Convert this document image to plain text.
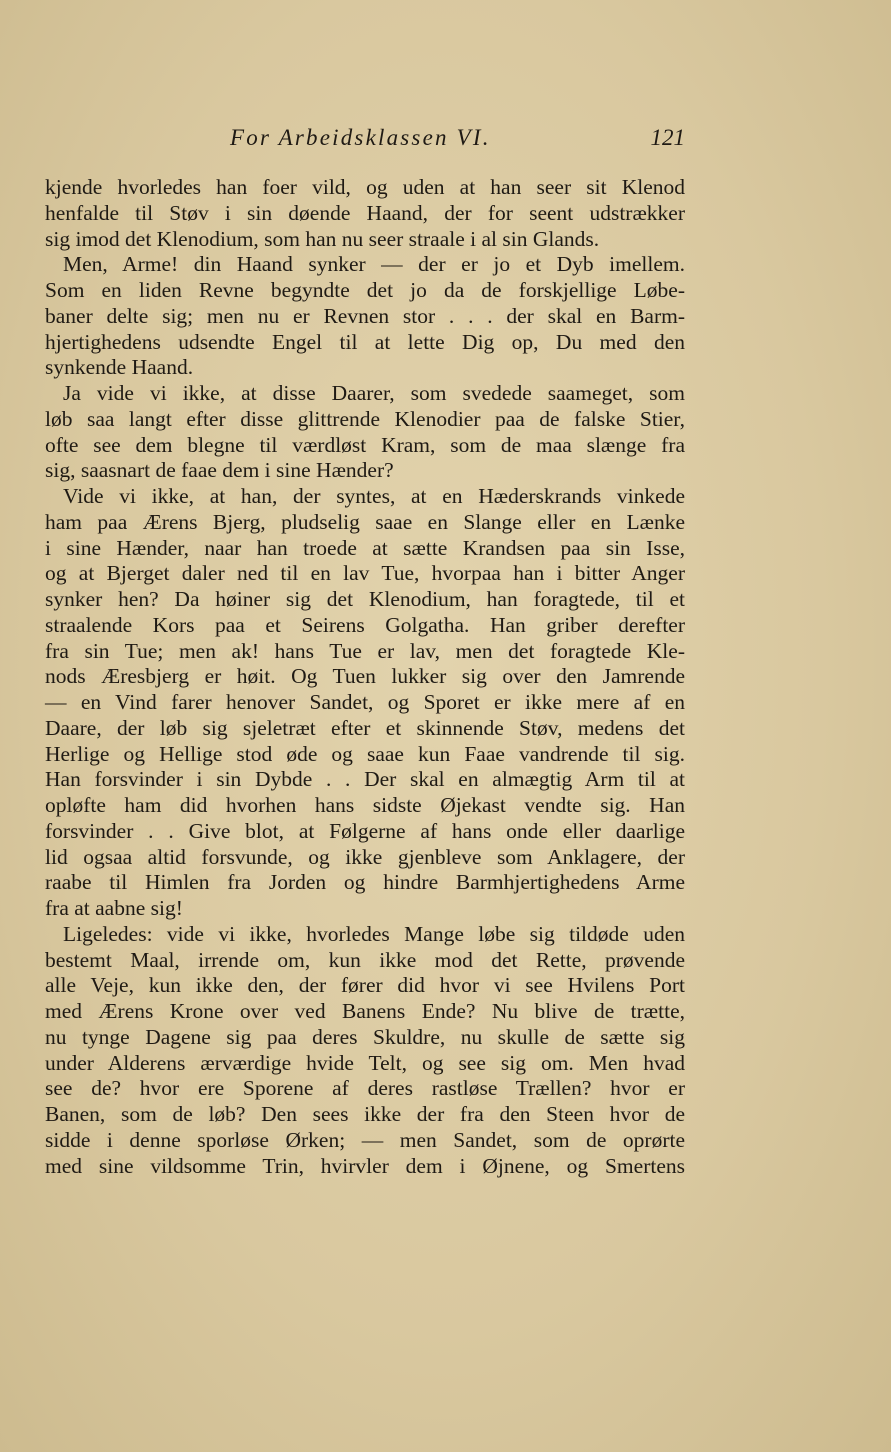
For Arbeidsklassen VI.	121
kjende hvorledes han foer vild, og uden at han seer sit Klenod
henfalde til Støv i sin døende Haand, der for seent udstrækker
sig imod det Klenodium, som han nu seer straale i al sin Glands.
Men, Arme! din Haand synker — der er jo et Dyb imellem.
Som en liden Revne begyndte det jo da de forskjellige Løbe-
baner delte sig; men nu er Revnen stor . . . der skal en Barm-
hjertighedens udsendte Engel til at lette Dig op, Du med den
synkende Haand.
Ja vide vi ikke, at disse Daarer, som svedede saameget, som
løb saa langt efter disse glittrende Klenodier paa de falske Stier,
ofte see dem blegne til værdløst Kram, som de maa slænge fra
sig, saasnart de faae dem i sine Hænder?
Vide vi ikke, at han, der syntes, at en Hæderskrands vinkede
ham paa Ærens Bjerg, pludselig saae en Slange eller en Lænke
i sine Hænder, naar han troede at sætte Krandsen paa sin Isse,
og at Bjerget daler ned til en lav Tue, hvorpaa han i bitter Anger
synker hen? Da høiner sig det Klenodium, han foragtede, til et
straalende Kors paa et Seirens Golgatha. Han griber derefter
fra sin Tue; men ak! hans Tue er lav, men det foragtede Kle-
nods Æresbjerg er høit. Og Tuen lukker sig over den Jamrende
— en Vind farer henover Sandet, og Sporet er ikke mere af en
Daare, der løb sig sjeletræt efter et skinnende Støv, medens det
Herlige og Hellige stod øde og saae kun Faae vandrende til sig.
Han forsvinder i sin Dybde . . Der skal en almægtig Arm til at
opløfte ham did hvorhen hans sidste Øjekast vendte sig. Han
forsvinder . . Give blot, at Følgerne af hans onde eller daarlige
lid ogsaa altid forsvunde, og ikke gjenbleve som Anklagere, der
raabe til Himlen fra Jorden og hindre Barmhjertighedens Arme
fra at aabne sig!
Ligeledes: vide vi ikke, hvorledes Mange løbe sig tildøde uden
bestemt Maal, irrende om, kun ikke mod det Rette, prøvende
alle Veje, kun ikke den, der fører did hvor vi see Hvilens Port
med Ærens Krone over ved Banens Ende? Nu blive de trætte,
nu tynge Dagene sig paa deres Skuldre, nu skulle de sætte sig
under Alderens ærværdige hvide Telt, og see sig om. Men hvad
see de? hvor ere Sporene af deres rastløse Trællen? hvor er
Banen, som de løb? Den sees ikke der fra den Steen hvor de
sidde i denne sporløse Ørken; — men Sandet, som de oprørte
med sine vildsomme Trin, hvirvler dem i Øjnene, og Smertens
